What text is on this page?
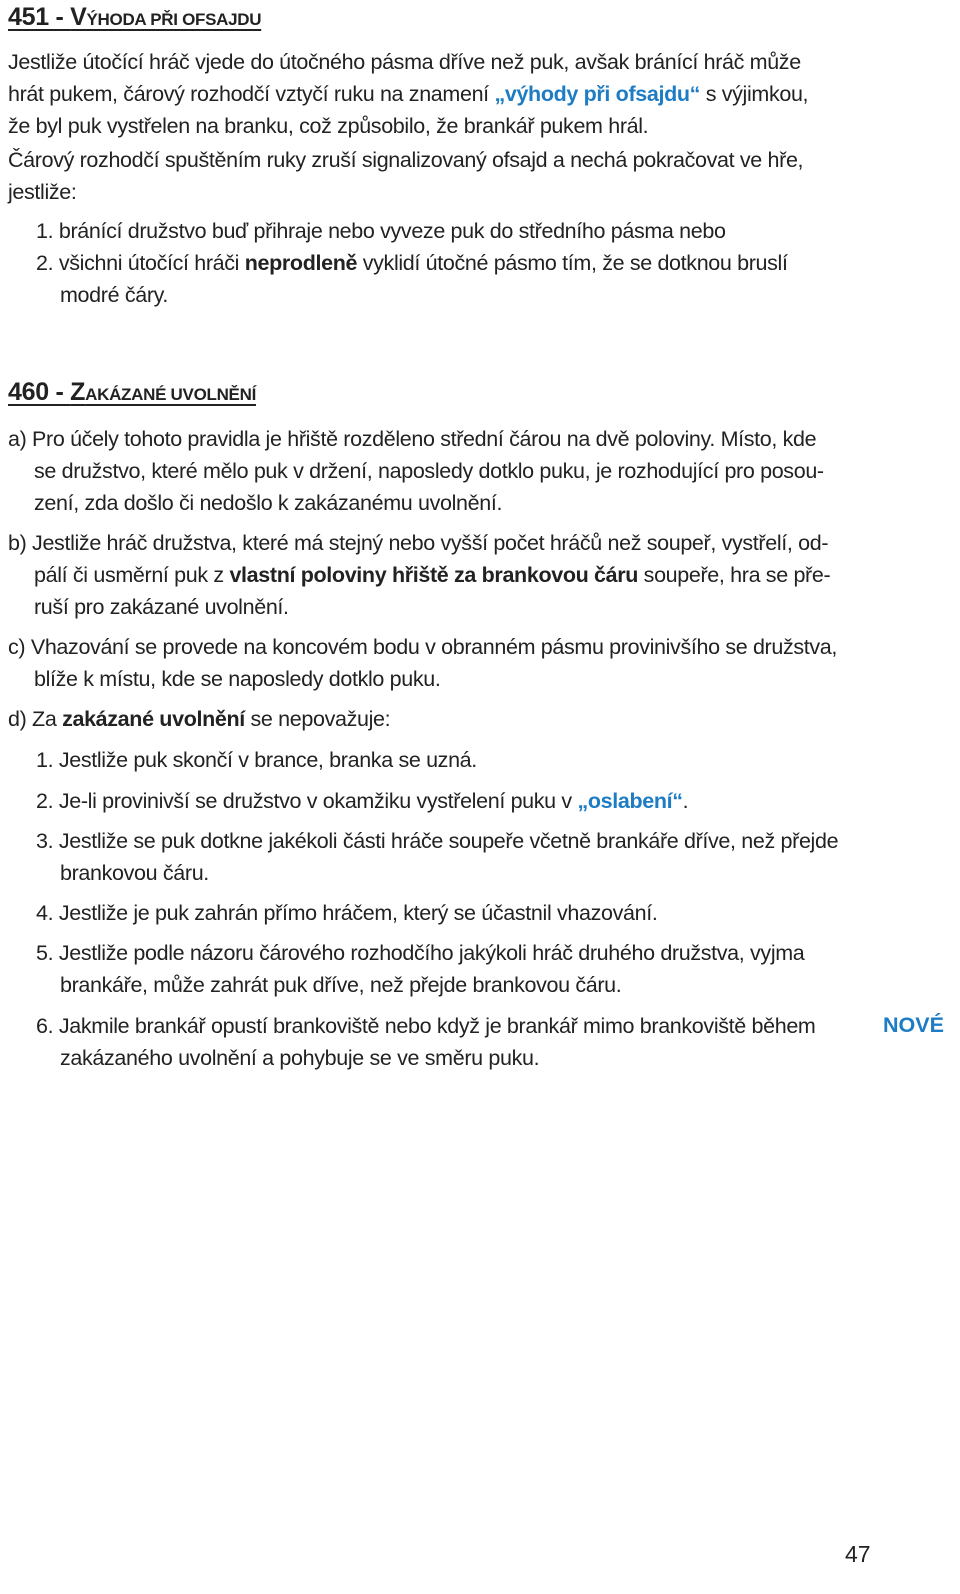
451 - VÝHODA PŘI OFSAJDU
Jestliže útočící hráč vjede do útočného pásma dříve než puk, avšak bránící hráč může
hrát pukem, čárový rozhodčí vztyčí ruku na znamení „výhody při ofsajdu“ s výjimkou,
že byl puk vystřelen na branku, což způsobilo, že brankář pukem hrál.
Čárový rozhodčí spuštěním ruky zruší signalizovaný ofsajd a nechá pokračovat ve hře,
jestliže:
1. bránící družstvo buď přihraje nebo vyveze puk do středního pásma nebo
2. všichni útočící hráči neprodleně vyklidí útočné pásmo tím, že se dotknou bruslí
modré čáry.
460 - ZAKÁZANÉ UVOLNĚNÍ
a) Pro účely tohoto pravidla je hřiště rozděleno střední čárou na dvě poloviny. Místo, kde
se družstvo, které mělo puk v držení, naposledy dotklo puku, je rozhodující pro posou-
zení, zda došlo či nedošlo k zakázanému uvolnění.
b) Jestliže hráč družstva, které má stejný nebo vyšší počet hráčů než soupeř, vystřelí, od-
pálí či usměrní puk z vlastní poloviny hřiště za brankovou čáru soupeře, hra se pře-
ruší pro zakázané uvolnění.
c) Vhazování se provede na koncovém bodu v obranném pásmu provinivšího se družstva,
blíže k místu, kde se naposledy dotklo puku.
d) Za zakázané uvolnění se nepovažuje:
1. Jestliže puk skončí v brance, branka se uzná.
2. Je-li provinivší se družstvo v okamžiku vystřelení puku v „oslabení“.
3. Jestliže se puk dotkne jakékoli části hráče soupeře včetně brankáře dříve, než přejde
brankovou čáru.
4. Jestliže je puk zahrán přímo hráčem, který se účastnil vhazování.
5. Jestliže podle názoru čárového rozhodčího jakýkoli hráč druhého družstva, vyjma
brankáře, může zahrát puk dříve, než přejde brankovou čáru.
6. Jakmile brankář opustí brankoviště nebo když je brankář mimo brankoviště během
zakázaného uvolnění a pohybuje se ve směru puku.
NOVÉ
47
